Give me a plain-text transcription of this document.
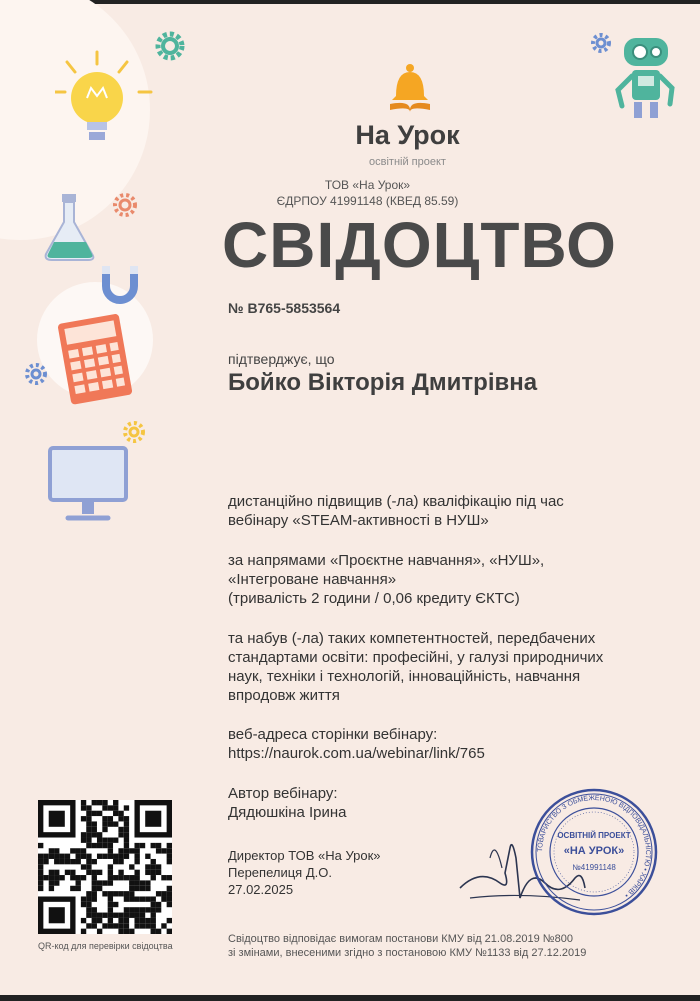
На Урок
освітній проект
ТОВ «На Урок»
ЄДРПОУ 41991148 (КВЕД 85.59)
СВІДОЦТВО
№ B765-5853564
підтверджує, що
Бойко Вікторія Дмитрівна
дистанційно підвищив (-ла) кваліфікацію під час
вебінару «STEAM-активності в НУШ»
за напрямами «Проєктне навчання», «НУШ»,
«Інтегроване навчання»
(тривалість 2 години / 0,06 кредиту ЄКТС)
та набув (-ла) таких компетентностей, передбачених
стандартами освіти: професійні, у галузі природничих
наук, техніки і технологій, інноваційність, навчання
впродовж життя
веб-адреса сторінки вебінару:
https://naurok.com.ua/webinar/link/765
Автор вебінару:
Дядюшкіна Ірина
Директор ТОВ «На Урок»
Перепелиця Д.О.
27.02.2025
Свідоцтво відповідає вимогам постанови КМУ від 21.08.2019 №800
зі змінами, внесеними згідно з постановою КМУ №1133 від 27.12.2019
QR-код для перевірки свідоцтва
ТОВАРИСТВО З ОБМЕЖЕНОЮ ВІДПОВІДАЛЬНІСТЮ • ХАРКІВ •
ОСВІТНІЙ ПРОЕКТ
«НА УРОК»
№41991148
